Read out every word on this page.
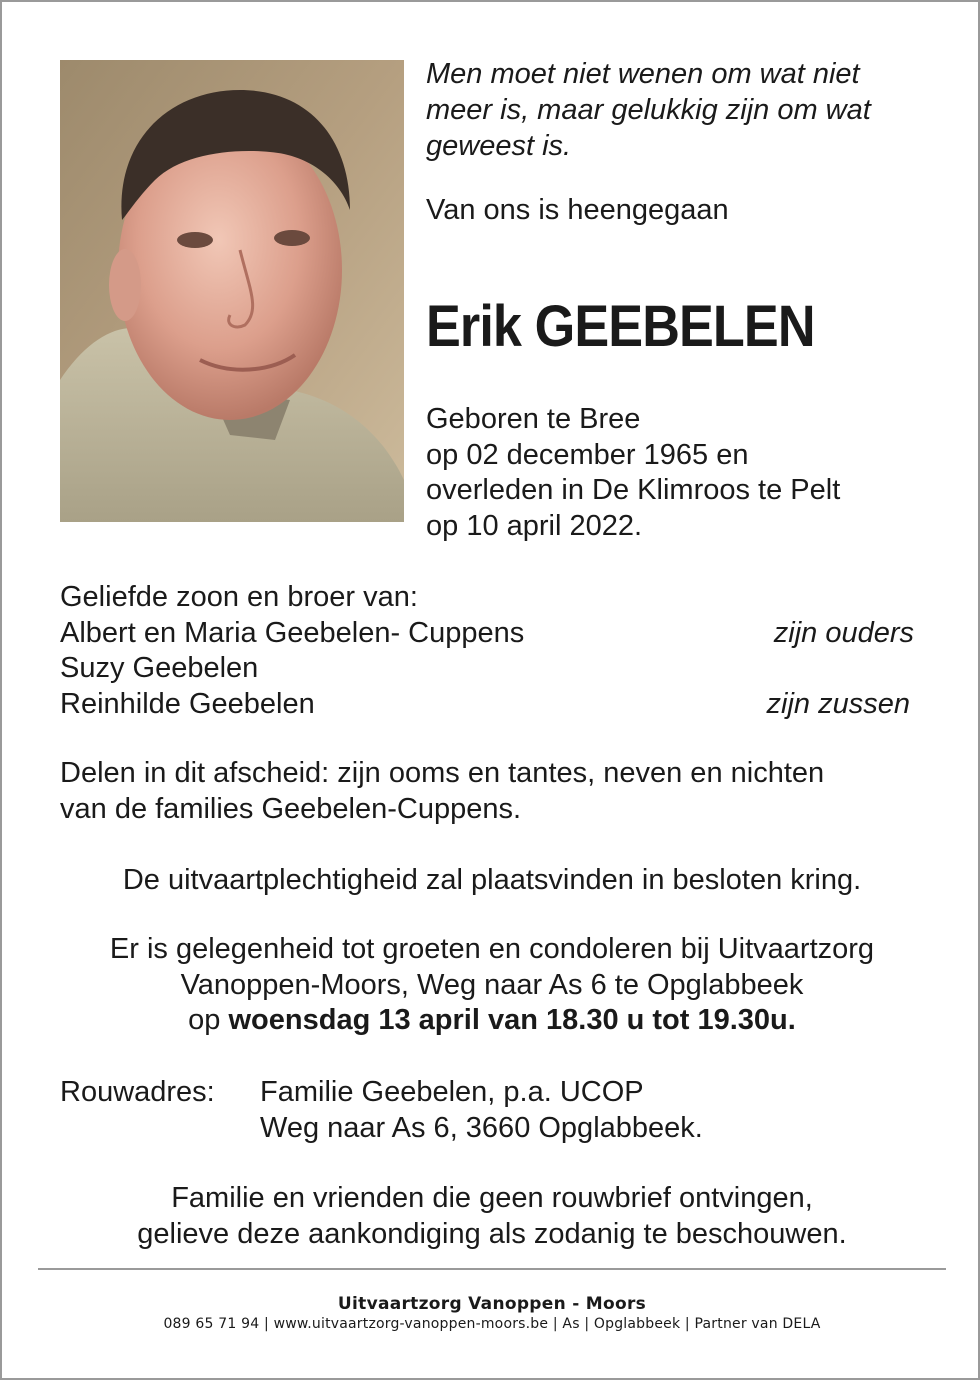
Men moet niet wenen om wat niet
meer is, maar gelukkig zijn om wat
geweest is.
Van ons is heengegaan
Erik GEEBELEN
Geboren te Bree
op 02 december 1965 en
overleden in De Klimroos te Pelt
op 10 april 2022.
Geliefde zoon en broer van:
Albert en Maria Geebelen- Cuppens	zijn ouders
Suzy Geebelen
Reinhilde Geebelen	zijn zussen
Delen in dit afscheid: zijn ooms en tantes, neven en nichten
van de families Geebelen-Cuppens.
De uitvaartplechtigheid zal plaatsvinden in besloten kring.
Er is gelegenheid tot groeten en condoleren bij Uitvaartzorg
Vanoppen-Moors, Weg naar As 6 te Opglabbeek
op woensdag 13 april van 18.30 u tot 19.30u.
Rouwadres: Familie Geebelen, p.a. UCOP
Weg naar As 6, 3660 Opglabbeek.
Familie en vrienden die geen rouwbrief ontvingen,
gelieve deze aankondiging als zodanig te beschouwen.
Uitvaartzorg Vanoppen - Moors
089 65 71 94 | www.uitvaartzorg-vanoppen-moors.be | As | Opglabbeek | Partner van DELA
